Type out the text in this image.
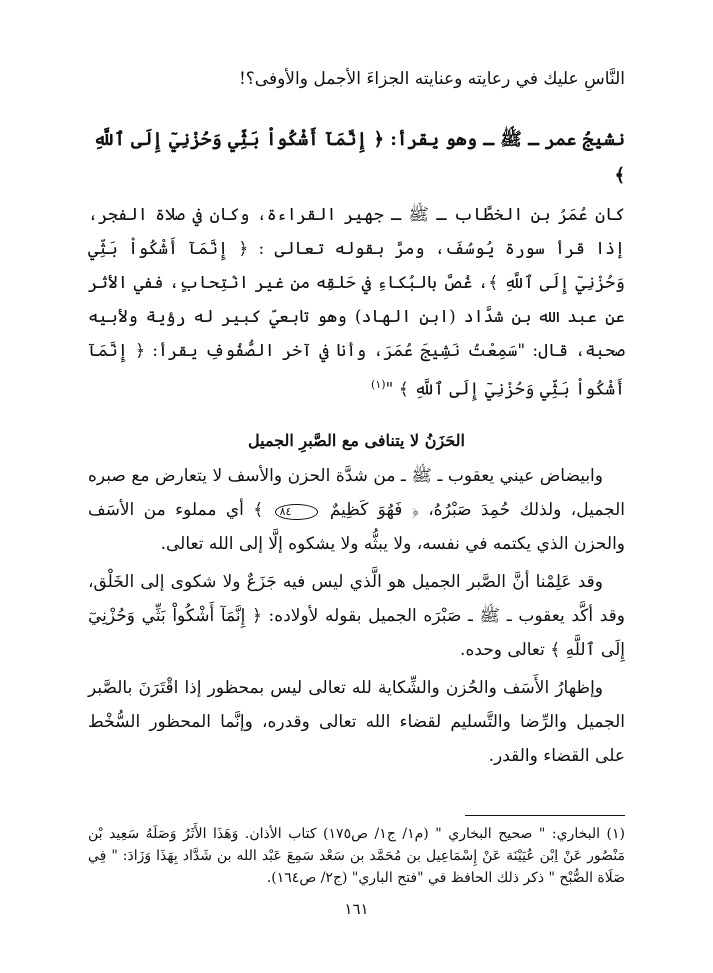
النَّاسِ عليك في رعايته وعنايته الجزاءَ الأجمل والأوفى؟!

نشيجُ عمر ـ ﷺ ـ وهو يقرأ: ﴿ إِنَّمَآ أَشْكُواْ بَثِّي وَحُزْنِيٓ إِلَى ٱللَّهِ ﴾

كان عُمَرُ بن الخطَّاب ـ ﷺ ـ جهير القراءة، وكان في صلاة الفجر، إذا قرأ سورة يُوسُفَ، ومرَّ بقوله تعالى : ﴿ إِنَّمَآ أَشْكُواْ بَثِّي وَحُزْنِيٓ إِلَى ٱللَّهِ ﴾، غُصَّ بالبُكاءِ في حَلقِه من غير انْتِحابٍ، ففي الأثر عن عبد الله بن شدَّاد (ابن الهاد) وهو تابعيّ كبير له رؤية ولأبيه صحبة، قال: "سَمِعْتُ نَشِيجَ عُمَرَ، وأنا في آخر الصُّفُوفِ يقرأ: ﴿ إِنَّمَآ أَشْكُواْ بَثِّي وَحُزْنِيٓ إِلَى ٱللَّهِ ﴾ "$^{(١)}$

الحَزَنُ لا يتنافى مع الصَّبرِ الجميل

وابيضاض عيني يعقوب ـ ﷺ ـ من شدَّة الحزن والأسف لا يتعارض مع صبره الجميل، ولذلك حُمِدَ صَبْرُهُ، ﴿ فَهُوَ كَظِيمٌ ٨٤ ﴾ أي مملوء من الأسَف والحزن الذي يكتمه في نفسه، ولا يبثُّه ولا يشكوه إلَّا إلى الله تعالى.

وقد عَلِمْنا أنَّ الصَّبر الجميل هو الَّذي ليس فيه جَزَعٌ ولا شكوى إلى الخَلْق، وقد أكَّد يعقوب ـ ﷺ ـ صَبْرَه الجميل بقوله لأولاده: ﴿ إِنَّمَآ أَشْكُواْ بَثِّي وَحُزْنِيٓ إِلَى ٱللَّهِ ﴾ تعالى وحده.

وإظهارُ الأَسَف والحُزن والشِّكاية لله تعالى ليس بمحظور إذا اقْتَرَنَ بالصَّبر الجميل والرِّضا والتَّسليم لقضاء الله تعالى وقدره، وإنَّما المحظور السُّخْط على القضاء والقدر.

(١) البخاري: " صحيح البخاري " (م١/ ج١/ ص١٧٥) كتاب الأذان. وَهَذَا الأَثَرُ وَصَلَهُ سَعِيد بْن مَنْصُور عَنْ اِبْن عُيَيْنَة عَنْ إِسْمَاعِيل بن مُحَمَّد بن سَعْد سَمِعَ عَبْد الله بن شَدَّاد بِهَذَا وَزَادَ: " فِي صَلَاة الصُّبْح " ذكر ذلك الحافظ في "فتح الباري" (ج٢/ ص١٦٤).

١٦١
